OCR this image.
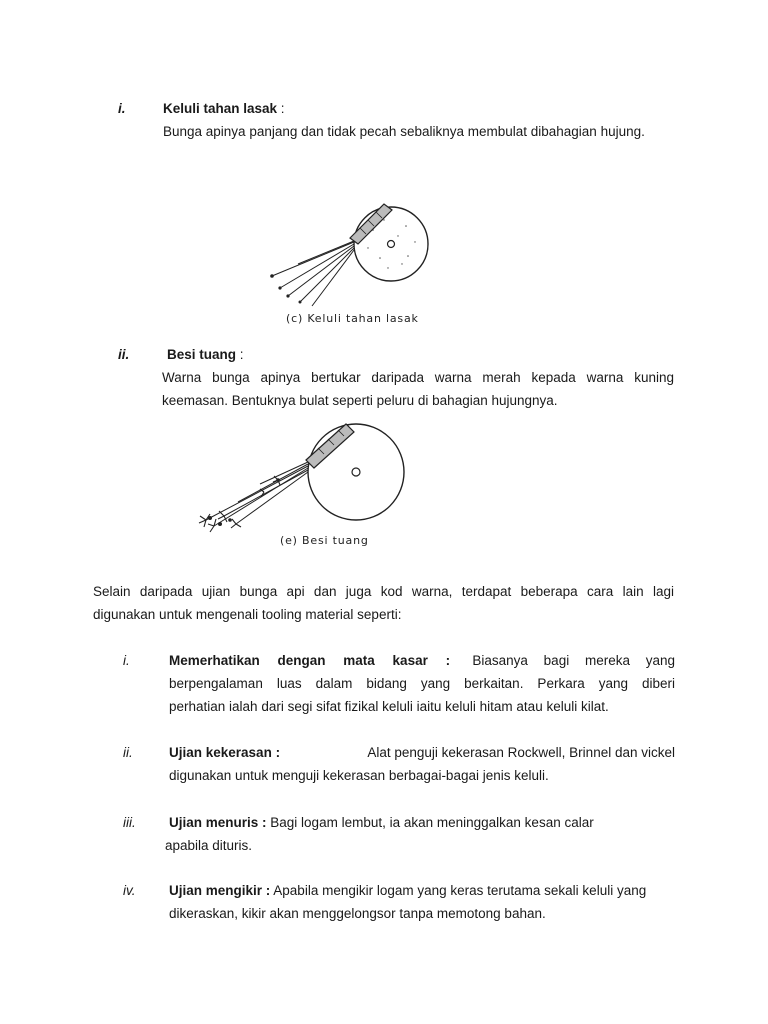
i.	Keluli tahan lasak :
Bunga apinya panjang dan tidak pecah sebaliknya membulat dibahagian hujung.
(c) Keluli tahan lasak
ii.	Besi tuang :
Warna bunga apinya bertukar daripada warna merah kepada warna kuning
keemasan. Bentuknya bulat seperti peluru di bahagian hujungnya.
(e) Besi tuang
Selain daripada ujian bunga api dan juga kod warna, terdapat beberapa cara lain lagi
digunakan untuk mengenali tooling material seperti:
i.	Memerhatikan dengan mata kasar : Biasanya bagi mereka yang
berpengalaman luas dalam bidang yang berkaitan. Perkara yang diberi
perhatian ialah dari segi sifat fizikal keluli iaitu keluli hitam atau keluli kilat.
ii.	Ujian kekerasan :	Alat penguji kekerasan Rockwell, Brinnel dan vickel
digunakan untuk menguji kekerasan berbagai-bagai jenis keluli.
iii. Ujian menuris : Bagi logam lembut, ia akan meninggalkan kesan calar
apabila dituris.
iv. Ujian mengikir : Apabila mengikir logam yang keras terutama sekali keluli yang
dikeraskan, kikir akan menggelongsor tanpa memotong bahan.
